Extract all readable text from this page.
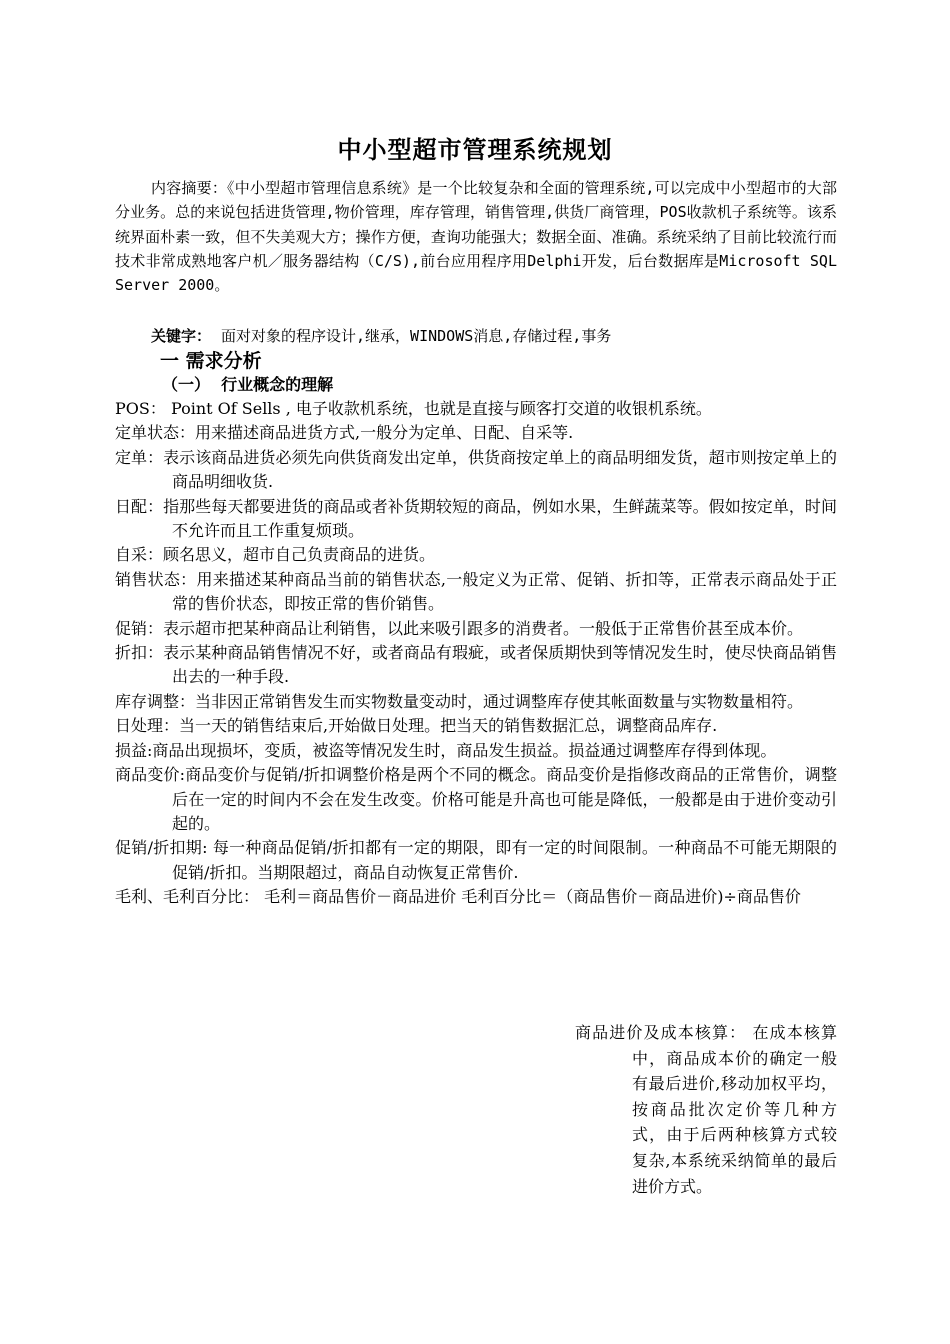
中小型超市管理系统规划

内容摘要：《中小型超市管理信息系统》是一个比较复杂和全面的管理系统,可以完成中小型超市的大部分业务。总的来说包括进货管理,物价管理，库存管理，销售管理,供货厂商管理，POS收款机子系统等。该系统界面朴素一致，但不失美观大方；操作方便，查询功能强大；数据全面、准确。系统采纳了目前比较流行而技术非常成熟地客户机／服务器结构（C/S),前台应用程序用Delphi开发，后台数据库是Microsoft SQL Server 2000。

关键字： 面对对象的程序设计,继承，WINDOWS消息,存储过程,事务
一 需求分析
（一）  行业概念的理解
POS： Point Of Sells , 电子收款机系统，也就是直接与顾客打交道的收银机系统。
定单状态：用来描述商品进货方式,一般分为定单、日配、自采等.
定单：表示该商品进货必须先向供货商发出定单，供货商按定单上的商品明细发货，超市则按定单上的商品明细收货.
日配：指那些每天都要进货的商品或者补货期较短的商品，例如水果，生鲜蔬菜等。假如按定单，时间不允许而且工作重复烦琐。
自采：顾名思义，超市自己负责商品的进货。
销售状态：用来描述某种商品当前的销售状态,一般定义为正常、促销、折扣等，正常表示商品处于正常的售价状态，即按正常的售价销售。
促销：表示超市把某种商品让利销售，以此来吸引跟多的消费者。一般低于正常售价甚至成本价。
折扣：表示某种商品销售情况不好，或者商品有瑕疵，或者保质期快到等情况发生时，使尽快商品销售出去的一种手段.
库存调整：当非因正常销售发生而实物数量变动时，通过调整库存使其帐面数量与实物数量相符。
日处理：当一天的销售结束后,开始做日处理。把当天的销售数据汇总，调整商品库存.
损益:商品出现损坏，变质，被盗等情况发生时，商品发生损益。损益通过调整库存得到体现。
商品变价:商品变价与促销/折扣调整价格是两个不同的概念。商品变价是指修改商品的正常售价，调整后在一定的时间内不会在发生改变。价格可能是升高也可能是降低，一般都是由于进价变动引起的。
促销/折扣期: 每一种商品促销/折扣都有一定的期限，即有一定的时间限制。一种商品不可能无期限的促销/折扣。当期限超过，商品自动恢复正常售价.
毛利、毛利百分比： 毛利＝商品售价－商品进价 毛利百分比＝（商品售价－商品进价)÷商品售价
商品进价及成本核算： 在成本核算中，商品成本价的确定一般有最后进价,移动加权平均，按商品批次定价等几种方式，由于后两种核算方式较复杂,本系统采纳简单的最后进价方式。
